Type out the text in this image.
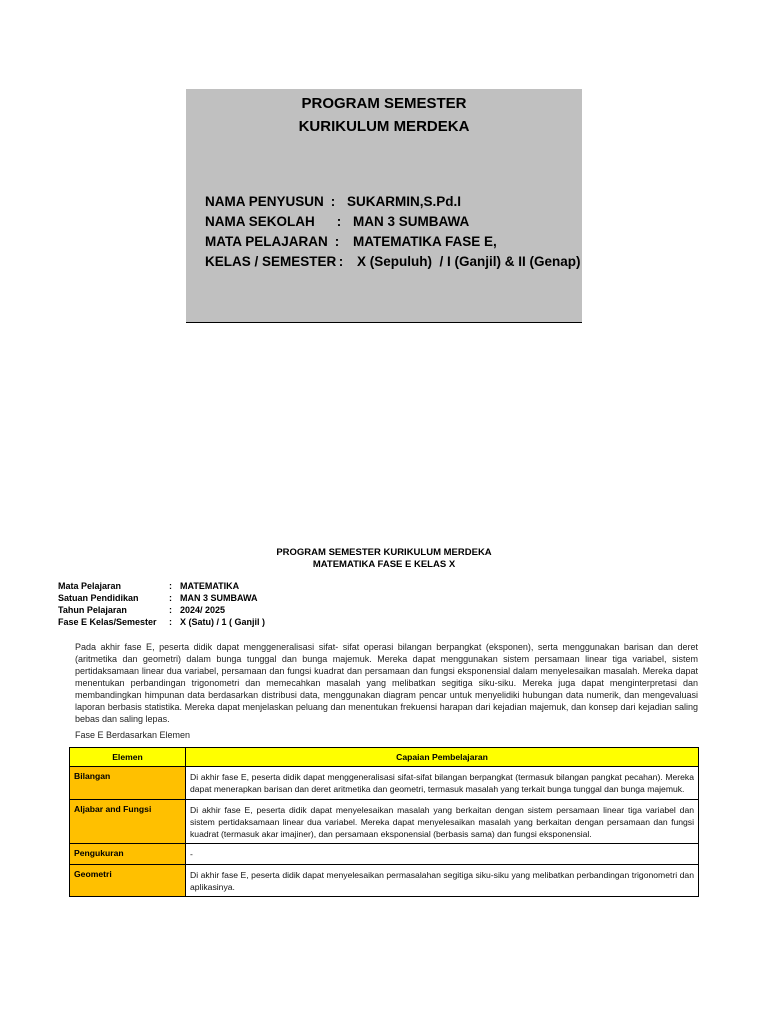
PROGRAM SEMESTER
KURIKULUM MERDEKA

NAMA PENYUSUN : SUKARMIN,S.Pd.I

NAMA SEKOLAH : MAN 3 SUMBAWA

MATA PELAJARAN : MATEMATIKA FASE E,

KELAS / SEMESTER : X (Sepuluh)  / I (Ganjil) & II (Genap)

PROGRAM SEMESTER KURIKULUM MERDEKA
MATEMATIKA FASE E KELAS X
Mata Pelajaran	: MATEMATIKA
Satuan Pendidikan	: MAN 3 SUMBAWA
Tahun Pelajaran	: 2024/ 2025
Fase E Kelas/Semester : X (Satu) / 1 ( Ganjil )
Pada akhir fase E, peserta didik dapat menggeneralisasi sifat- sifat operasi bilangan berpangkat (eksponen), serta menggunakan barisan dan deret (aritmetika dan geometri) dalam bunga tunggal dan bunga majemuk. Mereka dapat menggunakan sistem persamaan linear tiga variabel, sistem pertidaksamaan linear dua variabel, persamaan dan fungsi kuadrat dan persamaan dan fungsi eksponensial dalam menyelesaikan masalah. Mereka dapat menentukan perbandingan trigonometri dan memecahkan masalah yang melibatkan segitiga siku-siku. Mereka juga dapat menginterpretasi dan membandingkan himpunan data berdasarkan distribusi data, menggunakan diagram pencar untuk menyelidiki hubungan data numerik, dan mengevaluasi laporan berbasis statistika. Mereka dapat menjelaskan peluang dan menentukan frekuensi harapan dari kejadian majemuk, dan konsep dari kejadian saling bebas dan saling lepas.
Fase E Berdasarkan Elemen
Elemen	Capaian Pembelajaran
Bilangan	Di akhir fase E, peserta didik dapat menggeneralisasi sifat-sifat bilangan berpangkat (termasuk bilangan pangkat pecahan). Mereka dapat menerapkan barisan dan deret aritmetika dan geometri, termasuk masalah yang terkait bunga tunggal dan bunga majemuk.
Aljabar and Fungsi	Di akhir fase E, peserta didik dapat menyelesaikan masalah yang berkaitan dengan sistem persamaan linear tiga variabel dan sistem pertidaksamaan linear dua variabel. Mereka dapat menyelesaikan masalah yang berkaitan dengan persamaan dan fungsi kuadrat (termasuk akar imajiner), dan persamaan eksponensial (berbasis sama) dan fungsi eksponensial.
Pengukuran	-
Geometri	Di akhir fase E, peserta didik dapat menyelesaikan permasalahan segitiga siku-siku yang melibatkan perbandingan trigonometri dan aplikasinya.
